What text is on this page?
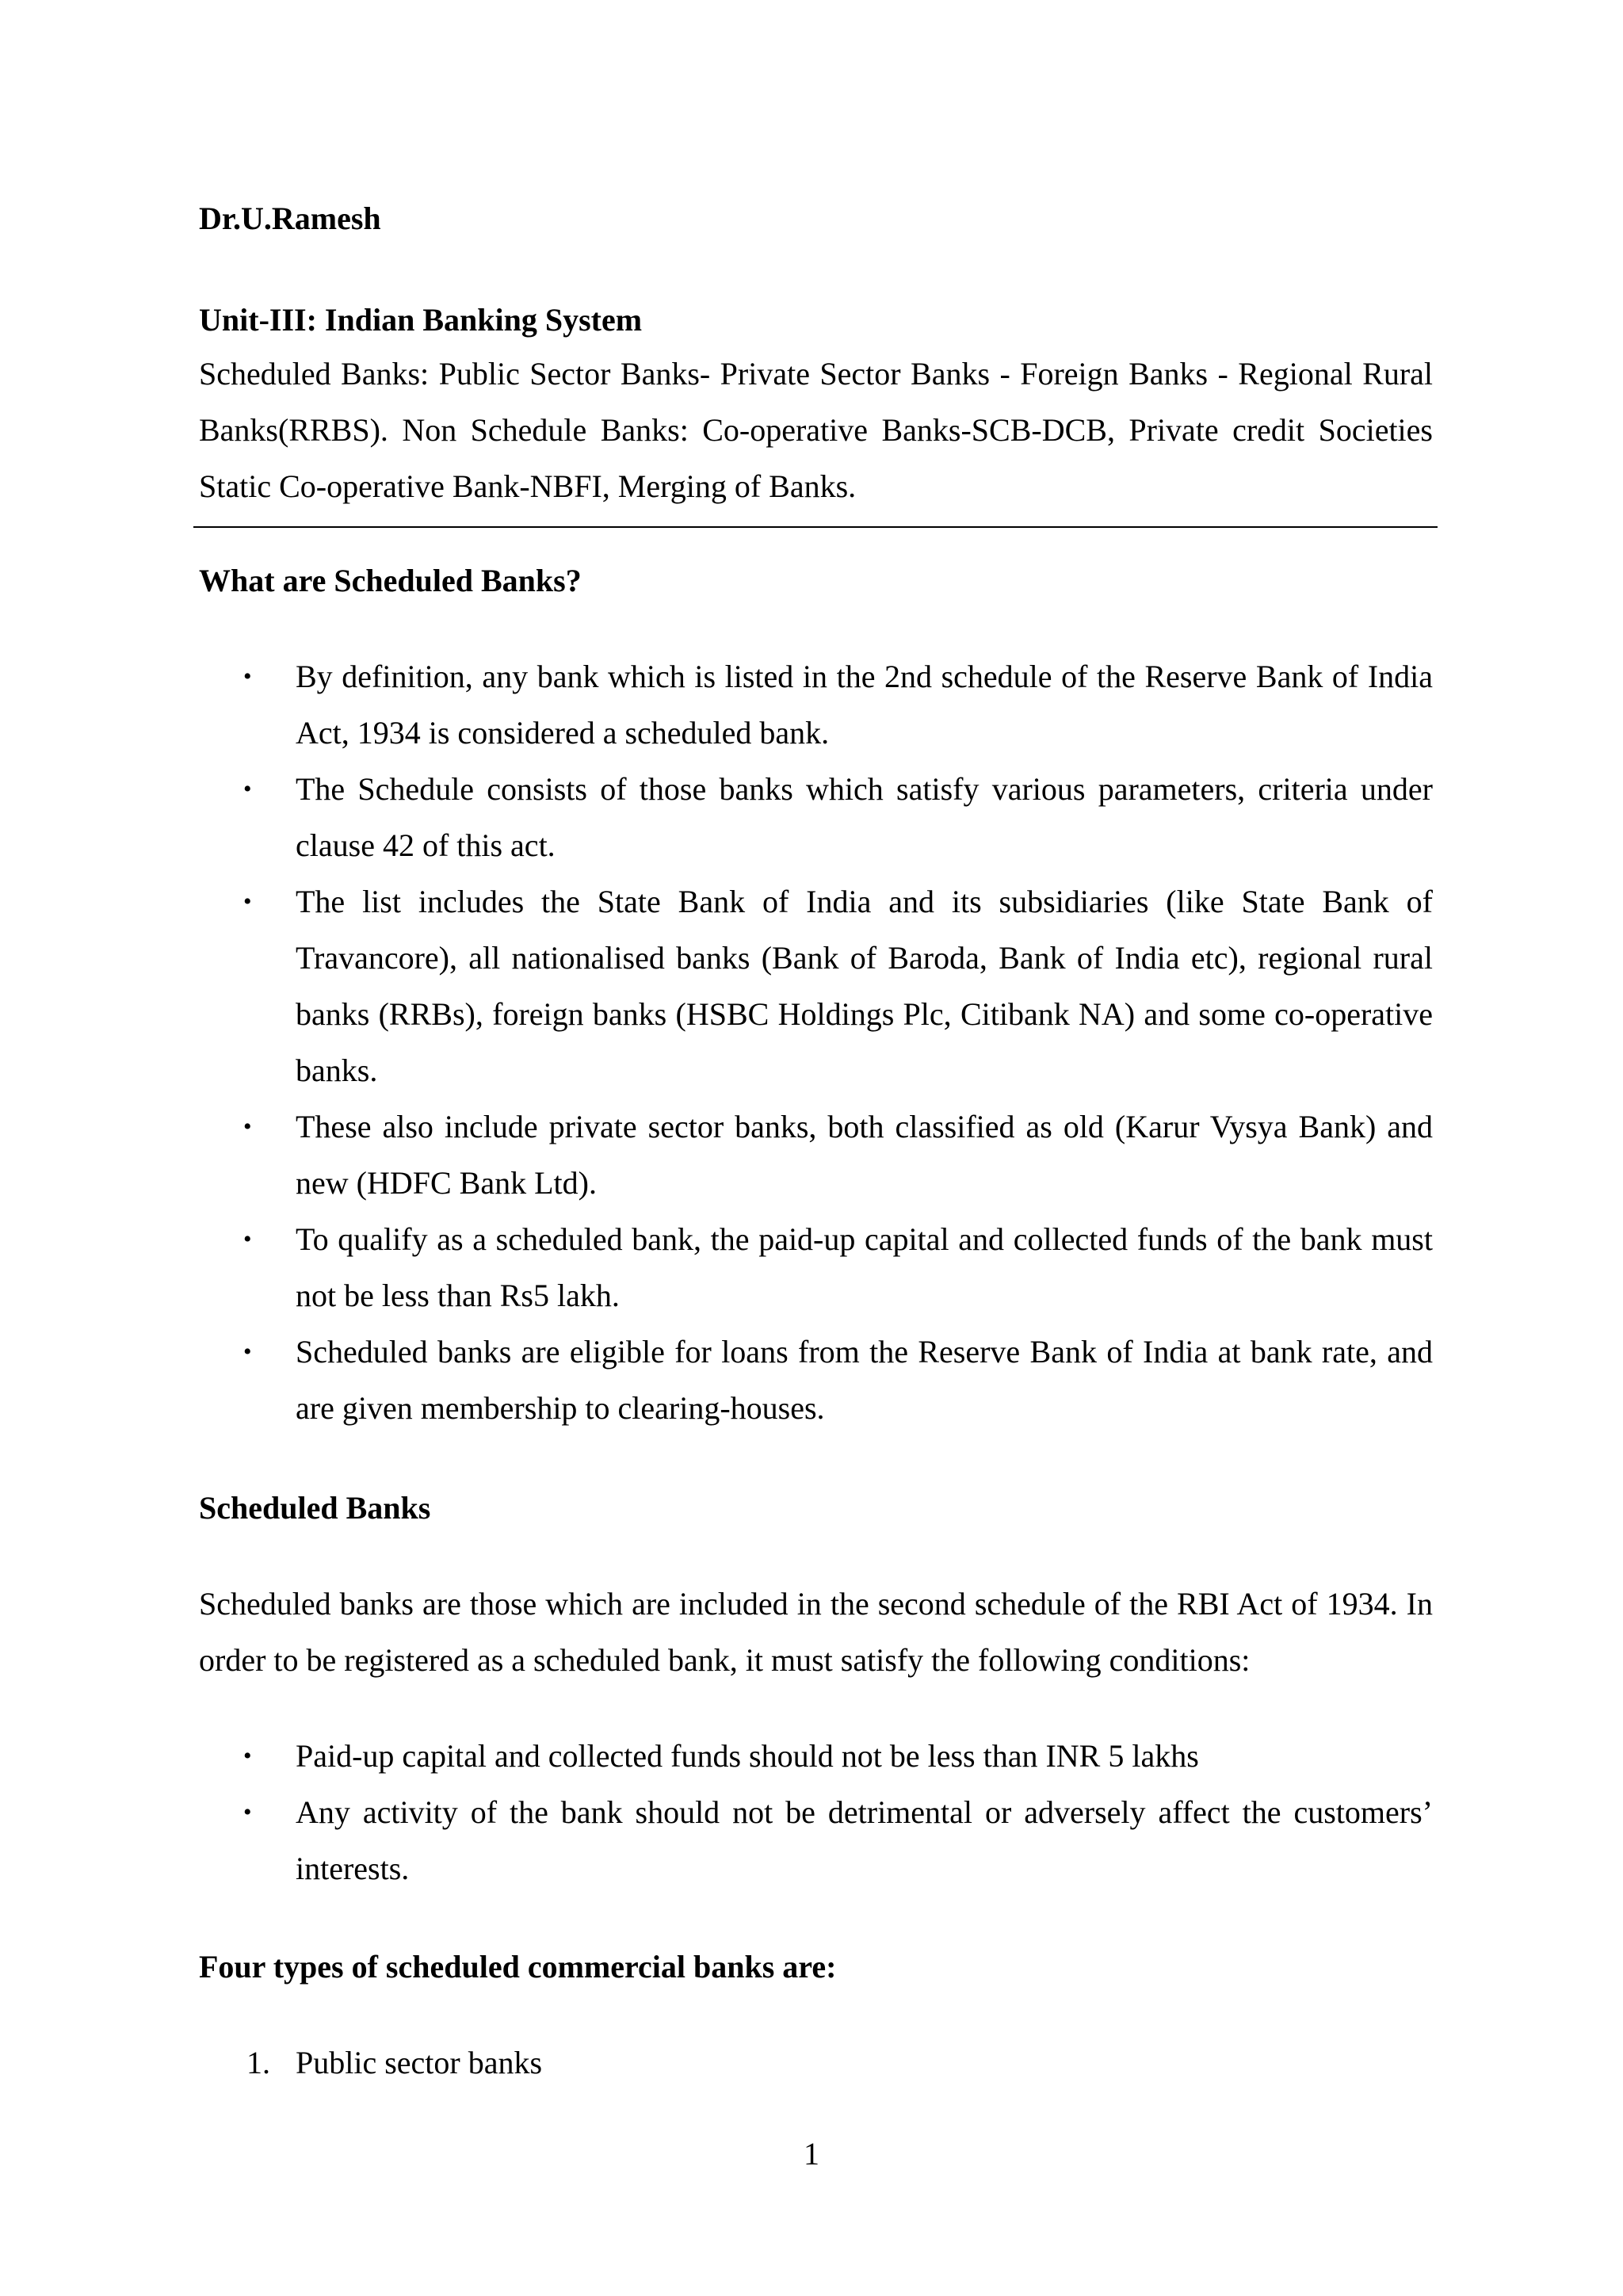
Dr.U.Ramesh

Unit-III: Indian Banking System

Scheduled Banks: Public Sector Banks- Private Sector Banks - Foreign Banks - Regional Rural Banks(RRBS). Non Schedule Banks: Co-operative Banks-SCB-DCB, Private credit Societies Static Co-operative Bank-NBFI, Merging of Banks.

What are Scheduled Banks?

• By definition, any bank which is listed in the 2nd schedule of the Reserve Bank of India Act, 1934 is considered a scheduled bank.
• The Schedule consists of those banks which satisfy various parameters, criteria under clause 42 of this act.
• The list includes the State Bank of India and its subsidiaries (like State Bank of Travancore), all nationalised banks (Bank of Baroda, Bank of India etc), regional rural banks (RRBs), foreign banks (HSBC Holdings Plc, Citibank NA) and some co-operative banks.
• These also include private sector banks, both classified as old (Karur Vysya Bank) and new (HDFC Bank Ltd).
• To qualify as a scheduled bank, the paid-up capital and collected funds of the bank must not be less than Rs5 lakh.
• Scheduled banks are eligible for loans from the Reserve Bank of India at bank rate, and are given membership to clearing-houses.

Scheduled Banks

Scheduled banks are those which are included in the second schedule of the RBI Act of 1934. In order to be registered as a scheduled bank, it must satisfy the following conditions:

• Paid-up capital and collected funds should not be less than INR 5 lakhs
• Any activity of the bank should not be detrimental or adversely affect the customers’ interests.

Four types of scheduled commercial banks are:

1. Public sector banks

1
